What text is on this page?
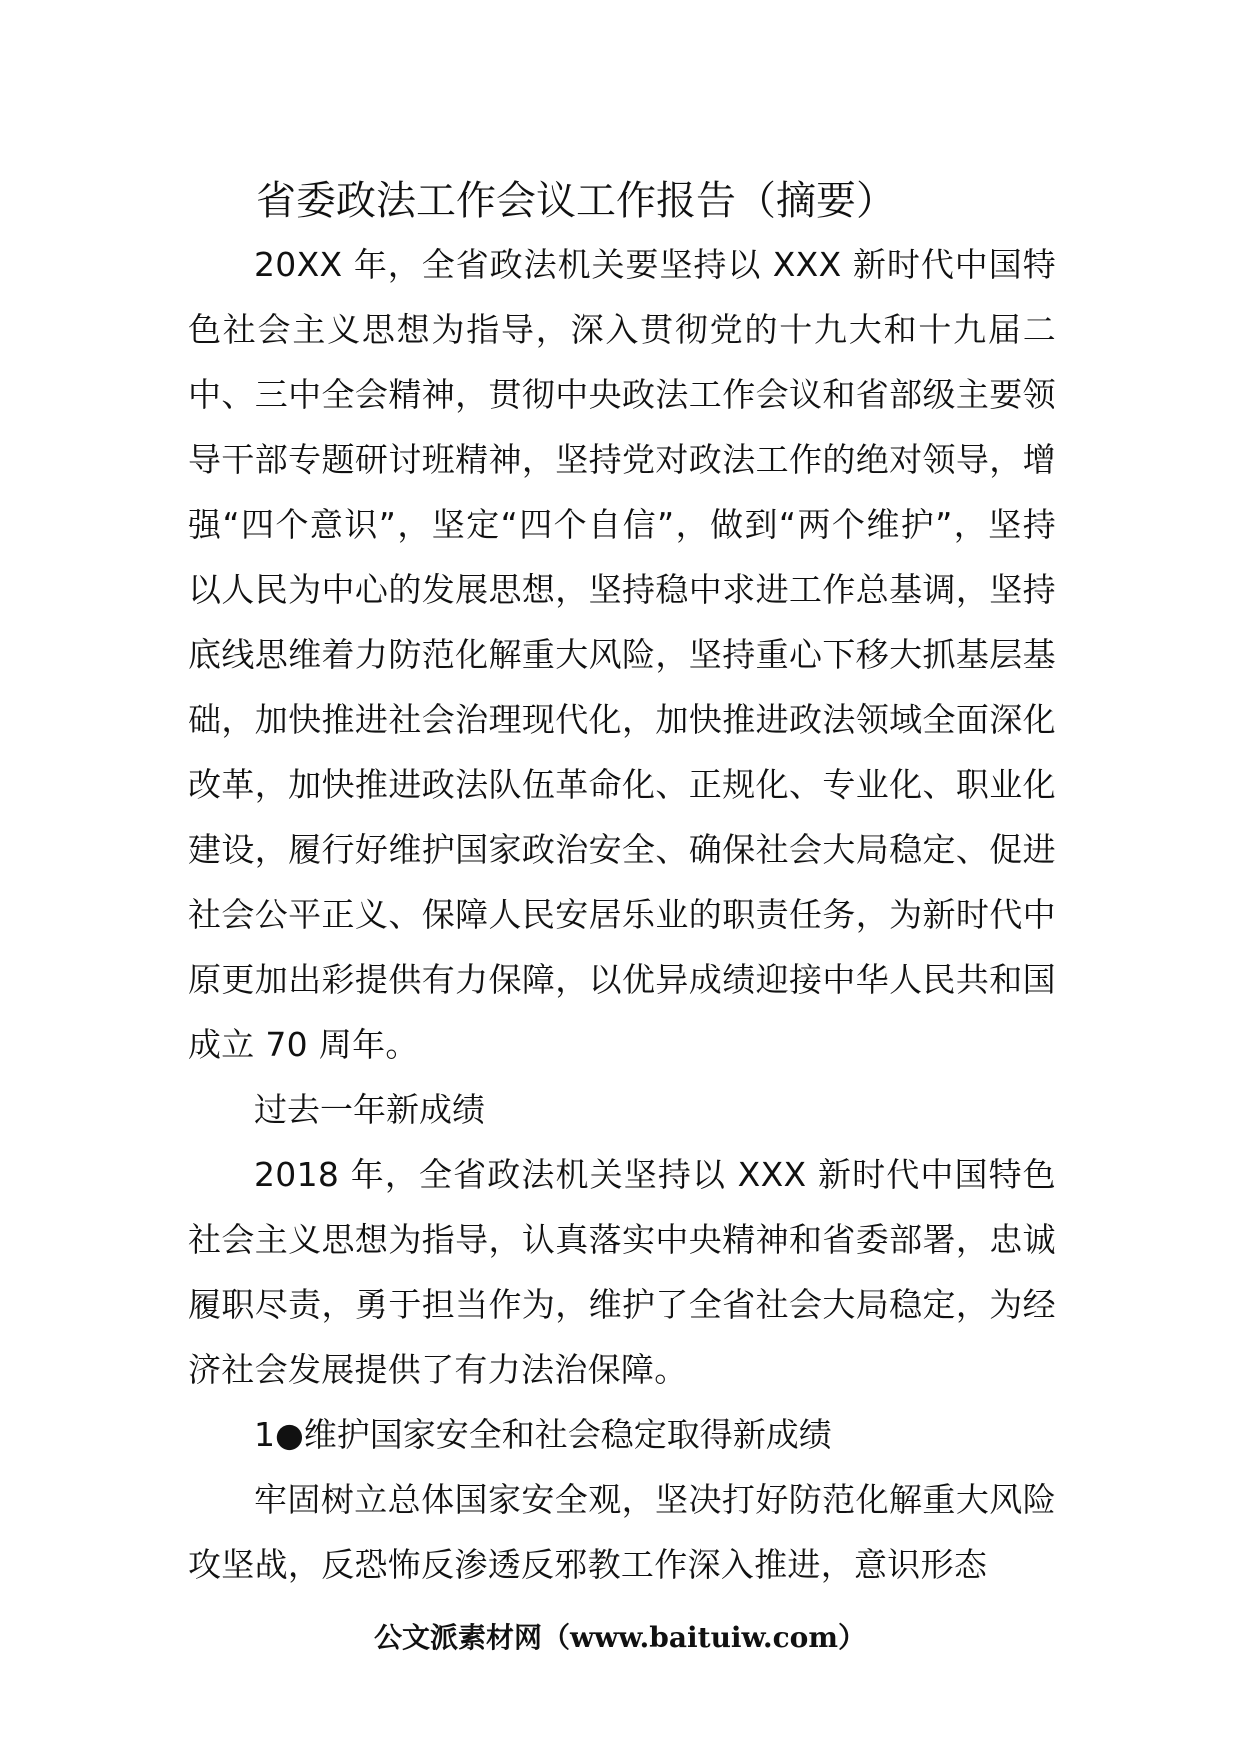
省委政法工作会议工作报告（摘要）

20XX 年，全省政法机关要坚持以 XXX 新时代中国特色社会主义思想为指导，深入贯彻党的十九大和十九届二中、三中全会精神，贯彻中央政法工作会议和省部级主要领导干部专题研讨班精神，坚持党对政法工作的绝对领导，增强“四个意识”，坚定“四个自信”，做到“两个维护”，坚持以人民为中心的发展思想，坚持稳中求进工作总基调，坚持底线思维着力防范化解重大风险，坚持重心下移大抓基层基础，加快推进社会治理现代化，加快推进政法领域全面深化改革，加快推进政法队伍革命化、正规化、专业化、职业化建设，履行好维护国家政治安全、确保社会大局稳定、促进社会公平正义、保障人民安居乐业的职责任务，为新时代中原更加出彩提供有力保障，以优异成绩迎接中华人民共和国成立 70 周年。

过去一年新成绩

2018 年，全省政法机关坚持以 XXX 新时代中国特色社会主义思想为指导，认真落实中央精神和省委部署，忠诚履职尽责，勇于担当作为，维护了全省社会大局稳定，为经济社会发展提供了有力法治保障。

1●维护国家安全和社会稳定取得新成绩

牢固树立总体国家安全观，坚决打好防范化解重大风险攻坚战，反恐怖反渗透反邪教工作深入推进，意识形态

公文派素材网（www.baituiw.com）
